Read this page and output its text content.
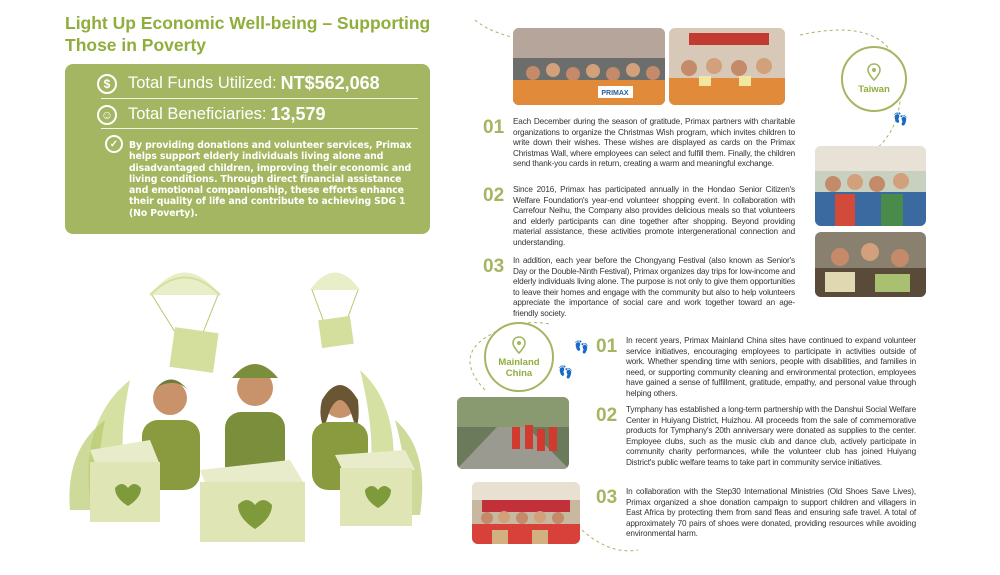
Light Up Economic Well-being – Supporting Those in Poverty
$	Total Funds Utilized: NT$562,068
☺ Total Beneficiaries: 13,579
✓	By providing donations and volunteer services, Primax helps support elderly individuals living alone and disadvantaged children, improving their economic and living conditions. Through direct financial assistance and emotional companionship, these efforts enhance their quality of life and contribute to achieving SDG 1 (No Poverty).
PRIMAX	Taiwan
👣
01 Each December during the season of gratitude, Primax partners with charitable organizations to organize the Christmas Wish program, which invites children to write down their wishes. These wishes are displayed as cards on the Primax Christmas Wall, where employees can select and fulfill them. Finally, the children send thank-you cards in return, creating a warm and meaningful exchange.
02 Since 2016, Primax has participated annually in the Hondao Senior Citizen's Welfare Foundation's year-end volunteer shopping event. In collaboration with Carrefour Neihu, the Company also provides delicious meals so that volunteers and elderly participants can dine together after shopping. Beyond providing material assistance, these activities promote intergenerational connection and understanding.
03 In addition, each year before the Chongyang Festival (also known as Senior's Day or the Double-Ninth Festival), Primax organizes day trips for low-income and elderly individuals living alone. The purpose is not only to give them opportunities to leave their homes and engage with the community but also to help volunteers appreciate the importance of social care and work together toward an age-friendly society.
Mainland China
👣
👣
01 In recent years, Primax Mainland China sites have continued to expand volunteer service initiatives, encouraging employees to participate in activities outside of work. Whether spending time with seniors, people with disabilities, and families in need, or supporting community cleaning and environmental protection, employees have gained a sense of fulfillment, gratitude, empathy, and personal value through helping others.
02 Tymphany has established a long-term partnership with the Danshui Social Welfare Center in Huiyang District, Huizhou. All proceeds from the sale of commemorative products for Tymphany's 20th anniversary were donated as supplies to the center. Employee clubs, such as the music club and dance club, actively participate in community charity performances, while the volunteer club has joined Huiyang District's public welfare teams to take part in community service initiatives.
03 In collaboration with the Step30 International Ministries (Old Shoes Save Lives), Primax organized a shoe donation campaign to support children and villagers in East Africa by protecting them from sand fleas and ensuring safe travel. A total of approximately 70 pairs of shoes were donated, providing resources while avoiding environmental harm.
